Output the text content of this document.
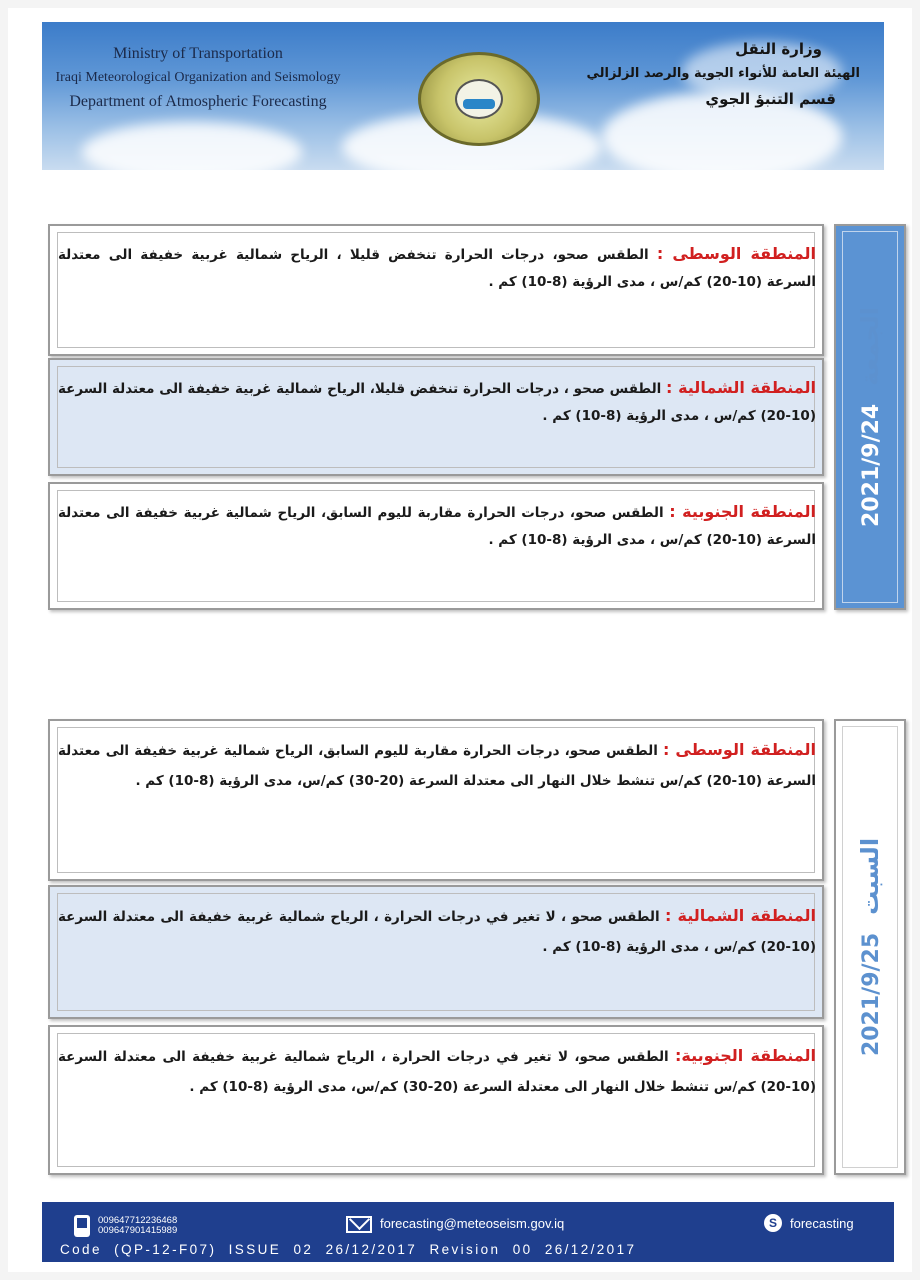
Ministry of Transportation
Iraqi Meteorological Organization and Seismology
Department of Atmospheric Forecasting
وزارة النقل
الهيئة العامة للأنواء الجوية والرصد الزلزالي
قسم التنبؤ الجوي
المنطقة الوسطى : الطقس صحو، درجات الحرارة تنخفض قليلا ، الرياح شمالية غربية خفيفة الى معتدلة السرعة (10-20) كم/س ، مدى الرؤية (8-10) كم .
المنطقة الشمالية : الطقس صحو ، درجات الحرارة تنخفض قليلا، الرياح شمالية غربية خفيفة الى معتدلة السرعة (10-20) كم/س ، مدى الرؤية (8-10) كم .
المنطقة الجنوبية : الطقس صحو، درجات الحرارة مقاربة لليوم السابق، الرياح شمالية غربية خفيفة الى معتدلة السرعة (10-20) كم/س ، مدى الرؤية (8-10) كم .
2021/9/24الجمعة
المنطقة الوسطى : الطقس صحو، درجات الحرارة مقاربة لليوم السابق، الرياح شمالية غربية خفيفة الى معتدلة السرعة (10-20) كم/س تنشط خلال النهار الى معتدلة السرعة (20-30) كم/س، مدى الرؤية (8-10) كم .
المنطقة الشمالية : الطقس صحو ، لا تغير في درجات الحرارة ، الرياح شمالية غربية خفيفة الى معتدلة السرعة (10-20) كم/س ، مدى الرؤية (8-10) كم .
المنطقة الجنوبية: الطقس صحو، لا تغير في درجات الحرارة ، الرياح شمالية غربية خفيفة الى معتدلة السرعة (10-20) كم/س تنشط خلال النهار الى معتدلة السرعة (20-30) كم/س، مدى الرؤية (8-10) كم .
2021/9/25السبت
009647712236468
009647901415989	forecasting@meteoseism.gov.iq	S	forecasting
Code  (QP-12-F07)  ISSUE  02  26/12/2017  Revision  00  26/12/2017
